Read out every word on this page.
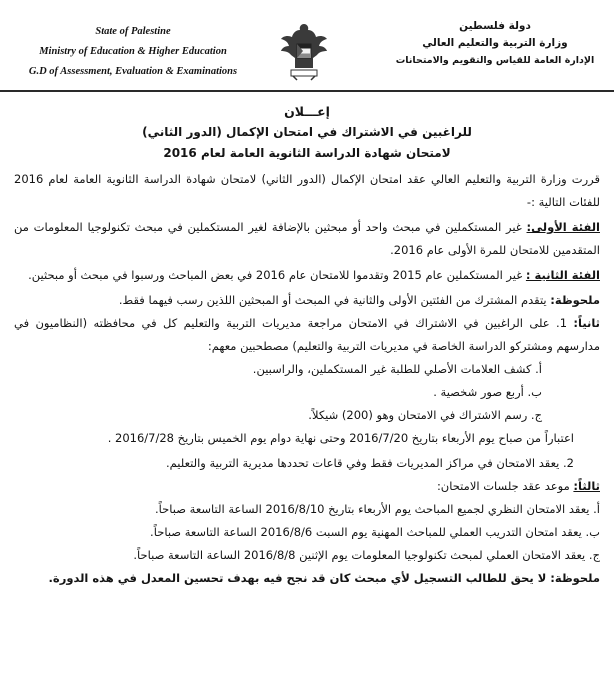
State of Palestine
Ministry of Education & Higher Education
G.D of Assessment, Evaluation & Examinations
دولة فلسطين
وزارة التربية والتعليم العالي
الإدارة العامة للقياس والتقويم والامتحانات
إعـــلان
للراغبين في الاشتراك في امتحان الإكمال (الدور الثاني)
لامتحان شهادة الدراسة الثانوية العامة لعام 2016
قررت وزارة التربية والتعليم العالي عقد امتحان الإكمال (الدور الثاني) لامتحان شهادة الدراسة الثانوية العامة لعام 2016 للفئات التالية :-
الفئة الأولى: غير المستكملين في مبحث واحد أو مبحثين بالإضافة لغير المستكملين في مبحث تكنولوجيا المعلومات من المتقدمين للامتحان للمرة الأولى عام 2016.
الفئة الثانية : غير المستكملين عام 2015 وتقدموا للامتحان عام 2016 في بعض المباحث ورسبوا في مبحث أو مبحثين.
ملحوظة: يتقدم المشترك من الفئتين الأولى والثانية في المبحث أو المبحثين اللذين رسب فيهما فقط.
ثانياً: 1. على الراغبين في الاشتراك في الامتحان مراجعة مديريات التربية والتعليم كل في محافظته (النظاميون في مدارسهم ومشتركو الدراسة الخاصة في مديريات التربية والتعليم) مصطحبين معهم:
أ. كشف العلامات الأصلي للطلبة غير المستكملين، والراسبين.
ب. أربع صور شخصية .
ج. رسم الاشتراك في الامتحان وهو (200) شيكلاً.
اعتباراً من صباح يوم الأربعاء بتاريخ 2016/7/20 وحتى نهاية دوام يوم الخميس بتاريخ 2016/7/28 .
2. يعقد الامتحان في مراكز المديريات فقط وفي قاعات تحددها مديرية التربية والتعليم.
ثالثاً: موعد عقد جلسات الامتحان:
أ. يعقد الامتحان النظري لجميع المباحث يوم الأربعاء بتاريخ 2016/8/10 الساعة التاسعة صباحاً.
ب. يعقد امتحان التدريب العملي للمباحث المهنية يوم السبت 2016/8/6 الساعة التاسعة صباحاً.
ج. يعقد الامتحان العملي لمبحث تكنولوجيا المعلومات يوم الإثنين 2016/8/8 الساعة التاسعة صباحاً.
ملحوظة: لا يحق للطالب التسجيل لأي مبحث كان قد نجح فيه بهدف تحسين المعدل في هذه الدورة.
